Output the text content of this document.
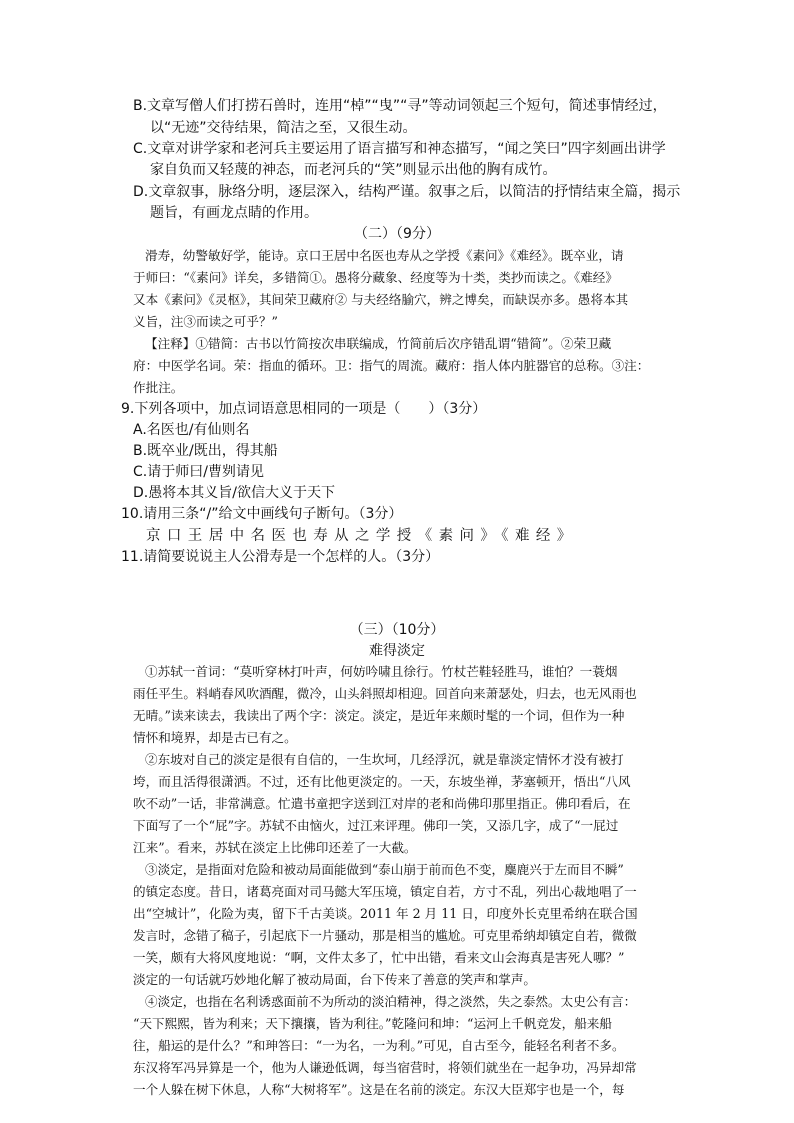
B.文章写僧人们打捞石兽时，连用“棹”“曳”“寻”等动词领起三个短句，简述事情经过，
以“无迹”交待结果，简洁之至，又很生动。
C.文章对讲学家和老河兵主要运用了语言描写和神态描写，“闻之笑曰”四字刻画出讲学
家自负而又轻蔑的神态，而老河兵的“笑”则显示出他的胸有成竹。
D.文章叙事，脉络分明，逐层深入，结构严谨。叙事之后，以简洁的抒情结束全篇，揭示
题旨，有画龙点睛的作用。
（二）（9分）
滑寿，幼警敏好学，能诗。京口王居中名医也寿从之学授《素问》《难经》。既卒业，请
于师曰：“《素问》详矣，多错简①。愚将分藏象、经度等为十类，类抄而读之。《难经》
又本《素问》《灵枢》，其间荣卫藏府② 与夫经络腧穴，辨之博矣，而缺误亦多。愚将本其
义旨，注③而读之可乎？”
【注释】①错简：古书以竹简按次串联编成，竹简前后次序错乱谓“错简”。②荣卫藏
府：中医学名词。荣：指血的循环。卫：指气的周流。藏府：指人体内脏器官的总称。③注：
作批注。
9.下列各项中，加点词语意思相同的一项是（　　）（3分）
A.名医也/有仙则名
B.既卒业/既出，得其船
C.请于师曰/曹刿请见
D.愚将本其义旨/欲信大义于天下
10.请用三条“/”给文中画线句子断句。（3分）
京口王居中名医也寿从之学授《素问》《难经》
11.请简要说说主人公滑寿是一个怎样的人。（3分）
（三）（10分）
难得淡定
①苏轼一首词：“莫听穿林打叶声，何妨吟啸且徐行。竹杖芒鞋轻胜马，谁怕？一蓑烟
雨任平生。料峭春风吹酒醒，微冷，山头斜照却相迎。回首向来萧瑟处，归去，也无风雨也
无晴。”读来读去，我读出了两个字：淡定。淡定，是近年来颇时髦的一个词，但作为一种
情怀和境界，却是古已有之。
②东坡对自己的淡定是很有自信的，一生坎坷，几经浮沉，就是靠淡定情怀才没有被打
垮，而且活得很潇洒。不过，还有比他更淡定的。一天，东坡坐禅，茅塞顿开，悟出“八风
吹不动”一话，非常满意。忙遣书童把字送到江对岸的老和尚佛印那里指正。佛印看后，在
下面写了一个“屁”字。苏轼不由恼火，过江来评理。佛印一笑，又添几字，成了“一屁过
江来”。看来，苏轼在淡定上比佛印还差了一大截。
③淡定，是指面对危险和被动局面能做到“泰山崩于前而色不变，麋鹿兴于左而目不瞬”
的镇定态度。昔日，诸葛亮面对司马懿大军压境，镇定自若，方寸不乱，列出心裁地唱了一
出“空城计”，化险为夷，留下千古美谈。2011 年 2 月 11 日，印度外长克里希纳在联合国
发言时，念错了稿子，引起底下一片骚动，那是相当的尴尬。可克里希纳却镇定自若，微微
一笑，颇有大将风度地说：“啊，文件太多了，忙中出错，看来文山会海真是害死人哪？”
淡定的一句话就巧妙地化解了被动局面，台下传来了善意的笑声和掌声。
④淡定，也指在名利诱惑面前不为所动的淡泊精神，得之淡然，失之泰然。太史公有言：
“天下熙熙，皆为利来；天下攘攘，皆为利往。”乾隆问和坤：“运河上千帆竞发，船来船
往，船运的是什么？”和珅答曰：“一为名，一为利。”可见，自古至今，能轻名利者不多。
东汉将军冯异算是一个，他为人谦逊低调，每当宿营时，将领们就坐在一起争功，冯异却常
一个人躲在树下休息，人称“大树将军”。这是在名前的淡定。东汉大臣郑宇也是一个，每
